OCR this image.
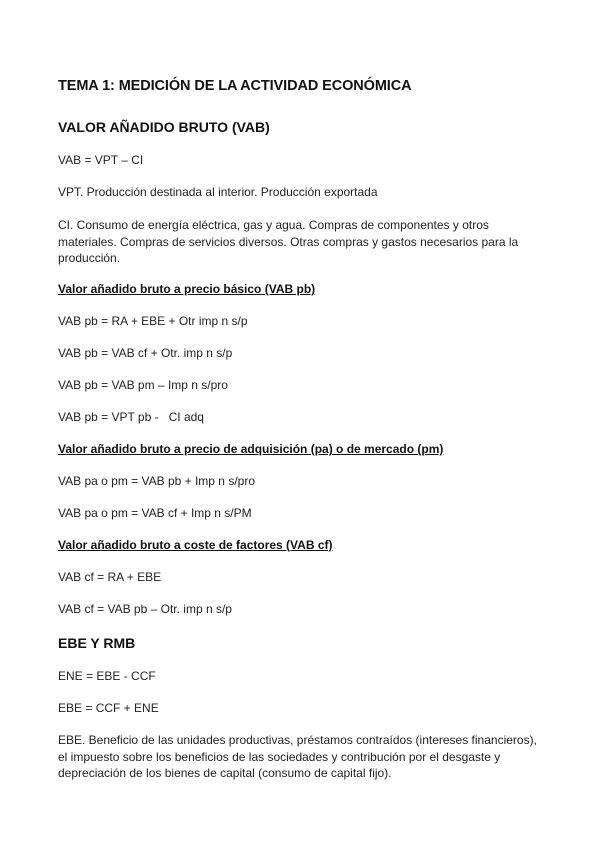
TEMA 1: MEDICIÓN DE LA ACTIVIDAD ECONÓMICA
VALOR AÑADIDO BRUTO (VAB)
VAB = VPT – CI
VPT. Producción destinada al interior. Producción exportada
CI. Consumo de energía eléctrica, gas y agua. Compras de componentes y otros materiales. Compras de servicios diversos. Otras compras y gastos necesarios para la producción.
Valor añadido bruto a precio básico (VAB pb)
VAB pb = RA + EBE + Otr imp n s/p
VAB pb = VAB cf + Otr. imp n s/p
VAB pb = VAB pm – Imp n s/pro
VAB pb = VPT pb -   CI adq
Valor añadido bruto a precio de adquisición (pa) o de mercado (pm)
VAB pa o pm = VAB pb + Imp n s/pro
VAB pa o pm = VAB cf + Imp n s/PM
Valor añadido bruto a coste de factores (VAB cf)
VAB cf = RA + EBE
VAB cf = VAB pb – Otr. imp n s/p
EBE Y RMB
ENE = EBE - CCF
EBE = CCF + ENE
EBE. Beneficio de las unidades productivas, préstamos contraídos (intereses financieros), el impuesto sobre los beneficios de las sociedades y contribución por el desgaste y depreciación de los bienes de capital (consumo de capital fijo).
